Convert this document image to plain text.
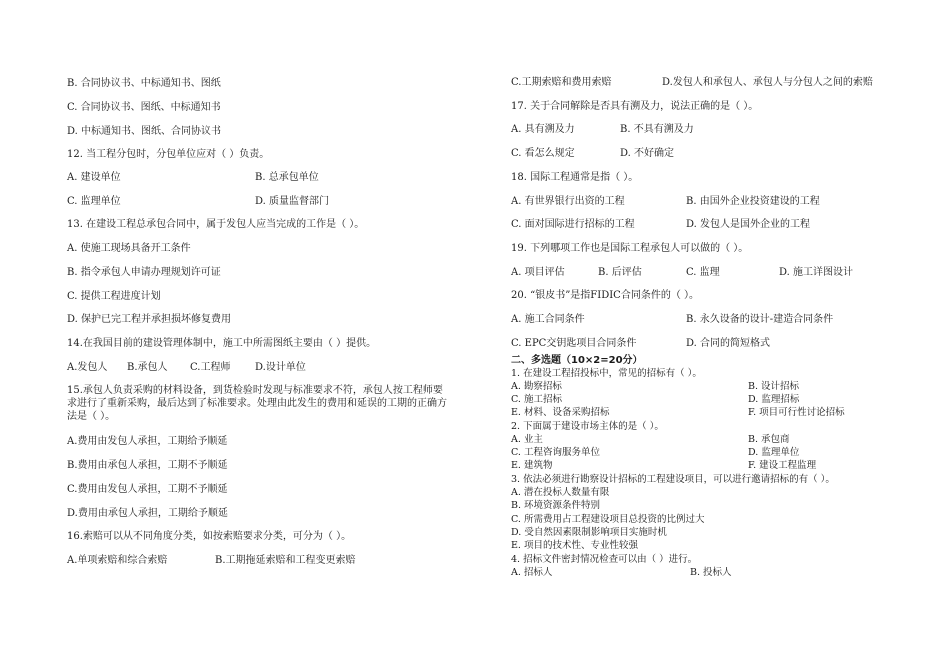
B. 合同协议书、中标通知书、图纸
C. 合同协议书、图纸、中标通知书
D. 中标通知书、图纸、合同协议书
12. 当工程分包时，分包单位应对（ ）负责。
A. 建设单位	B. 总承包单位
C. 监理单位	D. 质量监督部门
13. 在建设工程总承包合同中，属于发包人应当完成的工作是（ ）。
A. 使施工现场具备开工条件
B. 指令承包人申请办理规划许可证
C. 提供工程进度计划
D. 保护已完工程并承担损坏修复费用
14.在我国目前的建设管理体制中，施工中所需图纸主要由（ ）提供。
A.发包人 B.承包人 C.工程师 D.设计单位
15.承包人负责采购的材料设备，到货检验时发现与标准要求不符，承包人按工程师要求进行了重新采购，最后达到了标准要求。处理由此发生的费用和延误的工期的正确方法是（ ）。
A.费用由发包人承担，工期给予顺延
B.费用由承包人承担，工期不予顺延
C.费用由发包人承担，工期不予顺延
D.费用由承包人承担，工期给予顺延
16.索赔可以从不同角度分类，如按索赔要求分类，可分为（ ）。
A.单项索赔和综合索赔	B.工期拖延索赔和工程变更索赔
C.工期索赔和费用索赔	D.发包人和承包人、承包人与分包人之间的索赔
17. 关于合同解除是否具有溯及力，说法正确的是（ ）。
A. 具有溯及力	B. 不具有溯及力
C. 看怎么规定	D. 不好确定
18. 国际工程通常是指（ ）。
A. 有世界银行出资的工程	B. 由国外企业投资建设的工程
C. 面对国际进行招标的工程	D. 发包人是国外企业的工程
19. 下列哪项工作也是国际工程承包人可以做的（ ）。
A. 项目评估	B. 后评估	C. 监理	D. 施工详图设计
20. “银皮书”是指FIDIC合同条件的（ ）。
A. 施工合同条件	B. 永久设备的设计-建造合同条件
C. EPC交钥匙项目合同条件	D. 合同的简短格式
二、多选题（10×2=20分）
1. 在建设工程招投标中，常见的招标有（ ）。
A. 勘察招标	B. 设计招标
C. 施工招标	D. 监理招标
E. 材料、设备采购招标	F. 项目可行性讨论招标
2. 下面属于建设市场主体的是（ ）。
A. 业主	B. 承包商
C. 工程咨询服务单位	D. 监理单位
E. 建筑物	F. 建设工程监理
3. 依法必须进行勘察设计招标的工程建设项目，可以进行邀请招标的有（ ）。
A. 潜在投标人数量有限
B. 环境资源条件特别
C. 所需费用占工程建设项目总投资的比例过大
D. 受自然因素限制影响项目实施时机
E. 项目的技术性、专业性较强
4. 招标文件密封情况检查可以由（ ）进行。
A. 招标人	B. 投标人
